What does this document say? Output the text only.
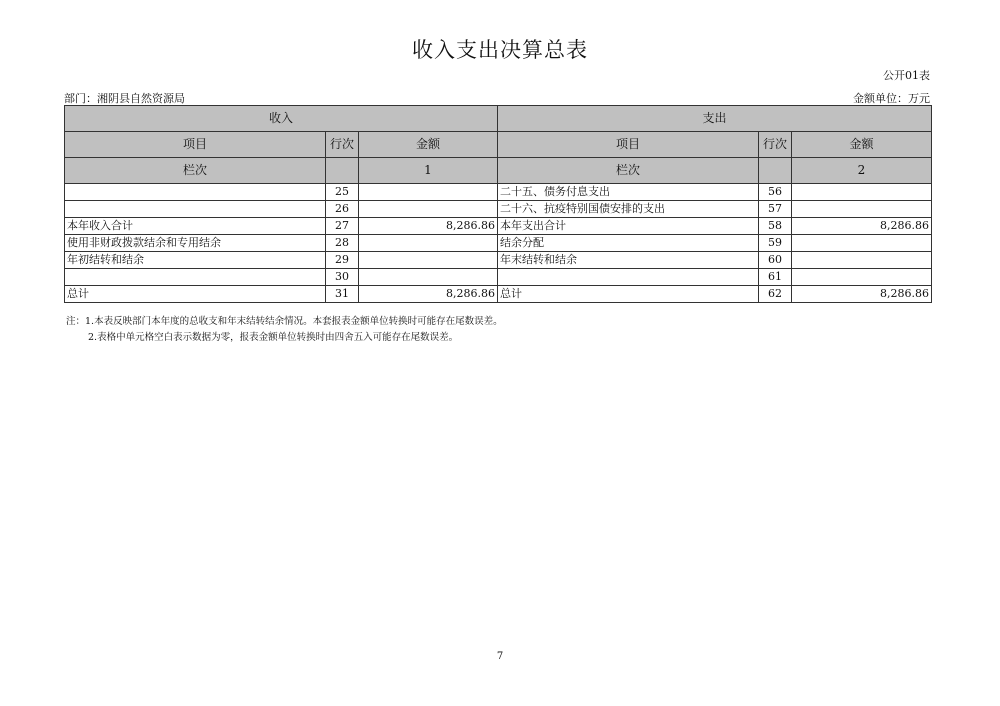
收入支出决算总表
公开01表
部门：湘阴县自然资源局	金额单位：万元
收入			支出		
项目	行次	金额	项目	行次	金额
栏次		1	栏次		2
	25		二十五、债务付息支出	56	
	26		二十六、抗疫特别国债安排的支出	57	
本年收入合计	27	8,286.86	本年支出合计	58	8,286.86
使用非财政拨款结余和专用结余	28		结余分配	59	
年初结转和结余	29		年末结转和结余	60	
	30			61	
总计	31	8,286.86	总计	62	8,286.86
注：1.本表反映部门本年度的总收支和年末结转结余情况。本套报表金额单位转换时可能存在尾数误差。
2.表格中单元格空白表示数据为零，报表金额单位转换时由四舍五入可能存在尾数误差。
7
